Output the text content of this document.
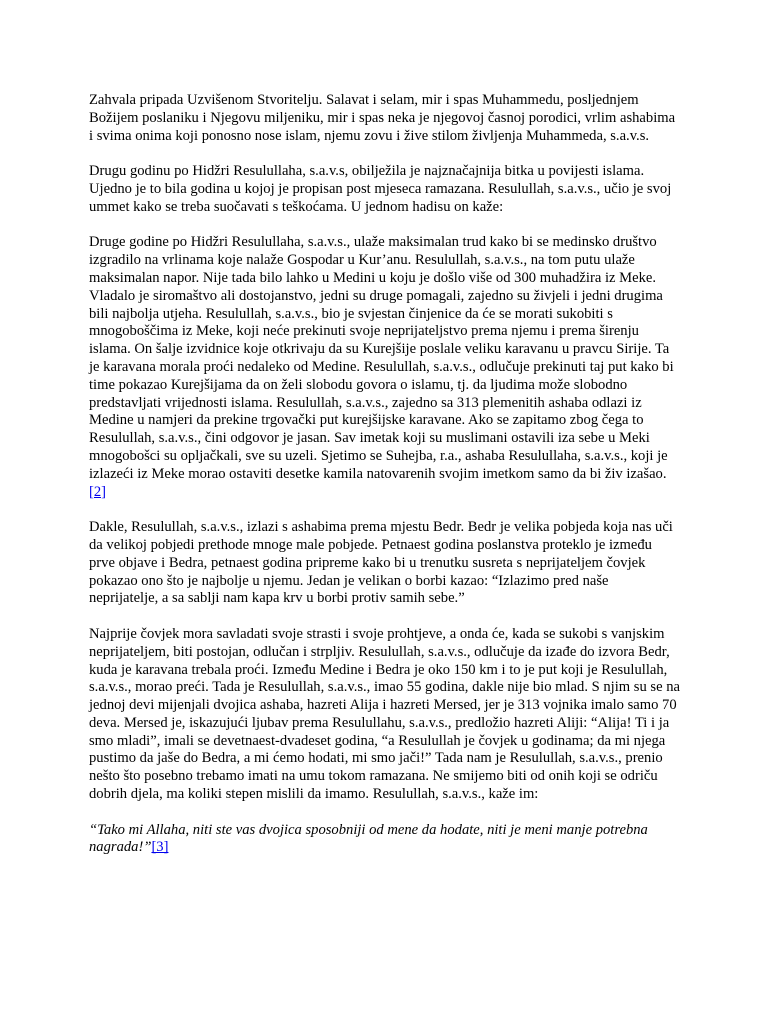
Zahvala pripada Uzvišenom Stvoritelju. Salavat i selam, mir i spas Muhammedu, posljednjem Božijem poslaniku i Njegovu miljeniku, mir i spas neka je njegovoj časnoj porodici, vrlim ashabima i svima onima koji ponosno nose islam, njemu zovu i žive stilom življenja Muhammeda, s.a.v.s.

Drugu godinu po Hidžri Resulullaha, s.a.v.s, obilježila je najznačajnija bitka u povijesti islama. Ujedno je to bila godina u kojoj je propisan post mjeseca ramazana. Resulullah, s.a.v.s., učio je svoj ummet kako se treba suočavati s teškoćama. U jednom hadisu on kaže:

Druge godine po Hidžri Resulullaha, s.a.v.s., ulaže maksimalan trud kako bi se medinsko društvo izgradilo na vrlinama koje nalaže Gospodar u Kur’anu. Resulullah, s.a.v.s., na tom putu ulaže maksimalan napor. Nije tada bilo lahko u Medini u koju je došlo više od 300 muhadžira iz Meke. Vladalo je siromaštvo ali dostojanstvo, jedni su druge pomagali, zajedno su živjeli i jedni drugima bili najbolja utjeha. Resulullah, s.a.v.s., bio je svjestan činjenice da će se morati sukobiti s mnogoboščima iz Meke, koji neće prekinuti svoje neprijateljstvo prema njemu i prema širenju islama. On šalje izvidnice koje otkrivaju da su Kurejšije poslale veliku karavanu u pravcu Sirije. Ta je karavana morala proći nedaleko od Medine. Resulullah, s.a.v.s., odlučuje prekinuti taj put kako bi time pokazao Kurejšijama da on želi slobodu govora o islamu, tj. da ljudima može slobodno predstavljati vrijednosti islama. Resulullah, s.a.v.s., zajedno sa 313 plemenitih ashaba odlazi iz Medine u namjeri da prekine trgovački put kurejšijske karavane. Ako se zapitamo zbog čega to Resulullah, s.a.v.s., čini odgovor je jasan. Sav imetak koji su muslimani ostavili iza sebe u Meki mnogobošci su opljačkali, sve su uzeli. Sjetimo se Suhejba, r.a., ashaba Resulullaha, s.a.v.s., koji je izlazeći iz Meke morao ostaviti desetke kamila natovarenih svojim imetkom samo da bi živ izašao.[2]

Dakle, Resulullah, s.a.v.s., izlazi s ashabima prema mjestu Bedr. Bedr je velika pobjeda koja nas uči da velikoj pobjedi prethode mnoge male pobjede. Petnaest godina poslanstva proteklo je između prve objave i Bedra, petnaest godina pripreme kako bi u trenutku susreta s neprijateljem čovjek pokazao ono što je najbolje u njemu. Jedan je velikan o borbi kazao: “Izlazimo pred naše neprijatelje, a sa sablji nam kapa krv u borbi protiv samih sebe.”

Najprije čovjek mora savladati svoje strasti i svoje prohtjeve, a onda će, kada se sukobi s vanjskim neprijateljem, biti postojan, odlučan i strpljiv. Resulullah, s.a.v.s., odlučuje da izađe do izvora Bedr, kuda je karavana trebala proći. Između Medine i Bedra je oko 150 km i to je put koji je Resulullah, s.a.v.s., morao preći. Tada je Resulullah, s.a.v.s., imao 55 godina, dakle nije bio mlad. S njim su se na jednoj devi mijenjali dvojica ashaba, hazreti Alija i hazreti Mersed, jer je 313 vojnika imalo samo 70 deva. Mersed je, iskazujući ljubav prema Resulullahu, s.a.v.s., predložio hazreti Aliji: “Alija! Ti i ja smo mladi”, imali se devetnaest-dvadeset godina, “a Resulullah je čovjek u godinama; da mi njega pustimo da jaše do Bedra, a mi ćemo hodati, mi smo jači!” Tada nam je Resulullah, s.a.v.s., prenio nešto što posebno trebamo imati na umu tokom ramazana. Ne smijemo biti od onih koji se odriču dobrih djela, ma koliki stepen mislili da imamo. Resulullah, s.a.v.s., kaže im:

“Tako mi Allaha, niti ste vas dvojica sposobniji od mene da hodate, niti je meni manje potrebna nagrada!”[3]
